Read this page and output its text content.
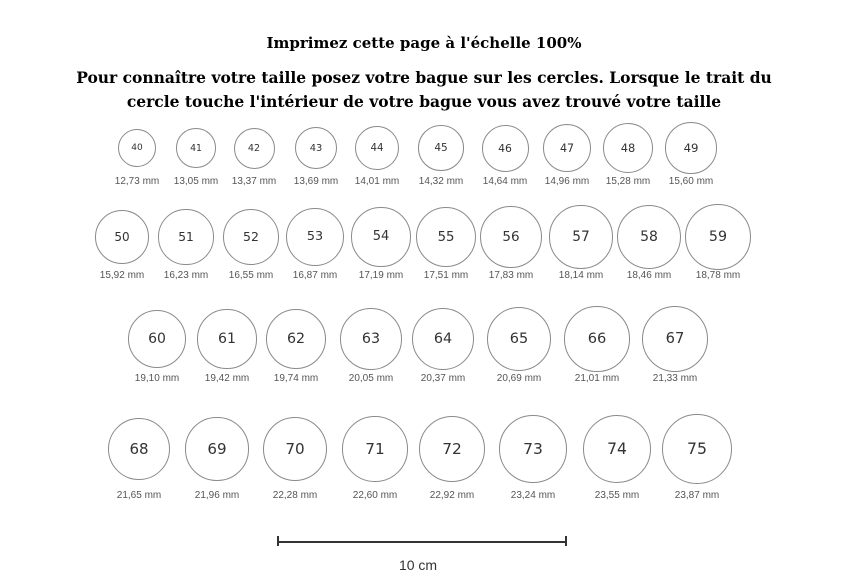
Imprimez cette page à l'échelle 100%
Pour connaître votre taille posez votre bague sur les cercles. Lorsque le trait du
cercle touche l'intérieur de votre bague vous avez trouvé votre taille
40
12,73 mm
41
13,05 mm
42
13,37 mm
43
13,69 mm
44
14,01 mm
45
14,32 mm
46
14,64 mm
47
14,96 mm
48
15,28 mm
49
15,60 mm
50
15,92 mm
51
16,23 mm
52
16,55 mm
53
16,87 mm
54
17,19 mm
55
17,51 mm
56
17,83 mm
57
18,14 mm
58
18,46 mm
59
18,78 mm
60
19,10 mm
61
19,42 mm
62
19,74 mm
63
20,05 mm
64
20,37 mm
65
20,69 mm
66
21,01 mm
67
21,33 mm
68
21,65 mm
69
21,96 mm
70
22,28 mm
71
22,60 mm
72
22,92 mm
73
23,24 mm
74
23,55 mm
75
23,87 mm
10 cm
